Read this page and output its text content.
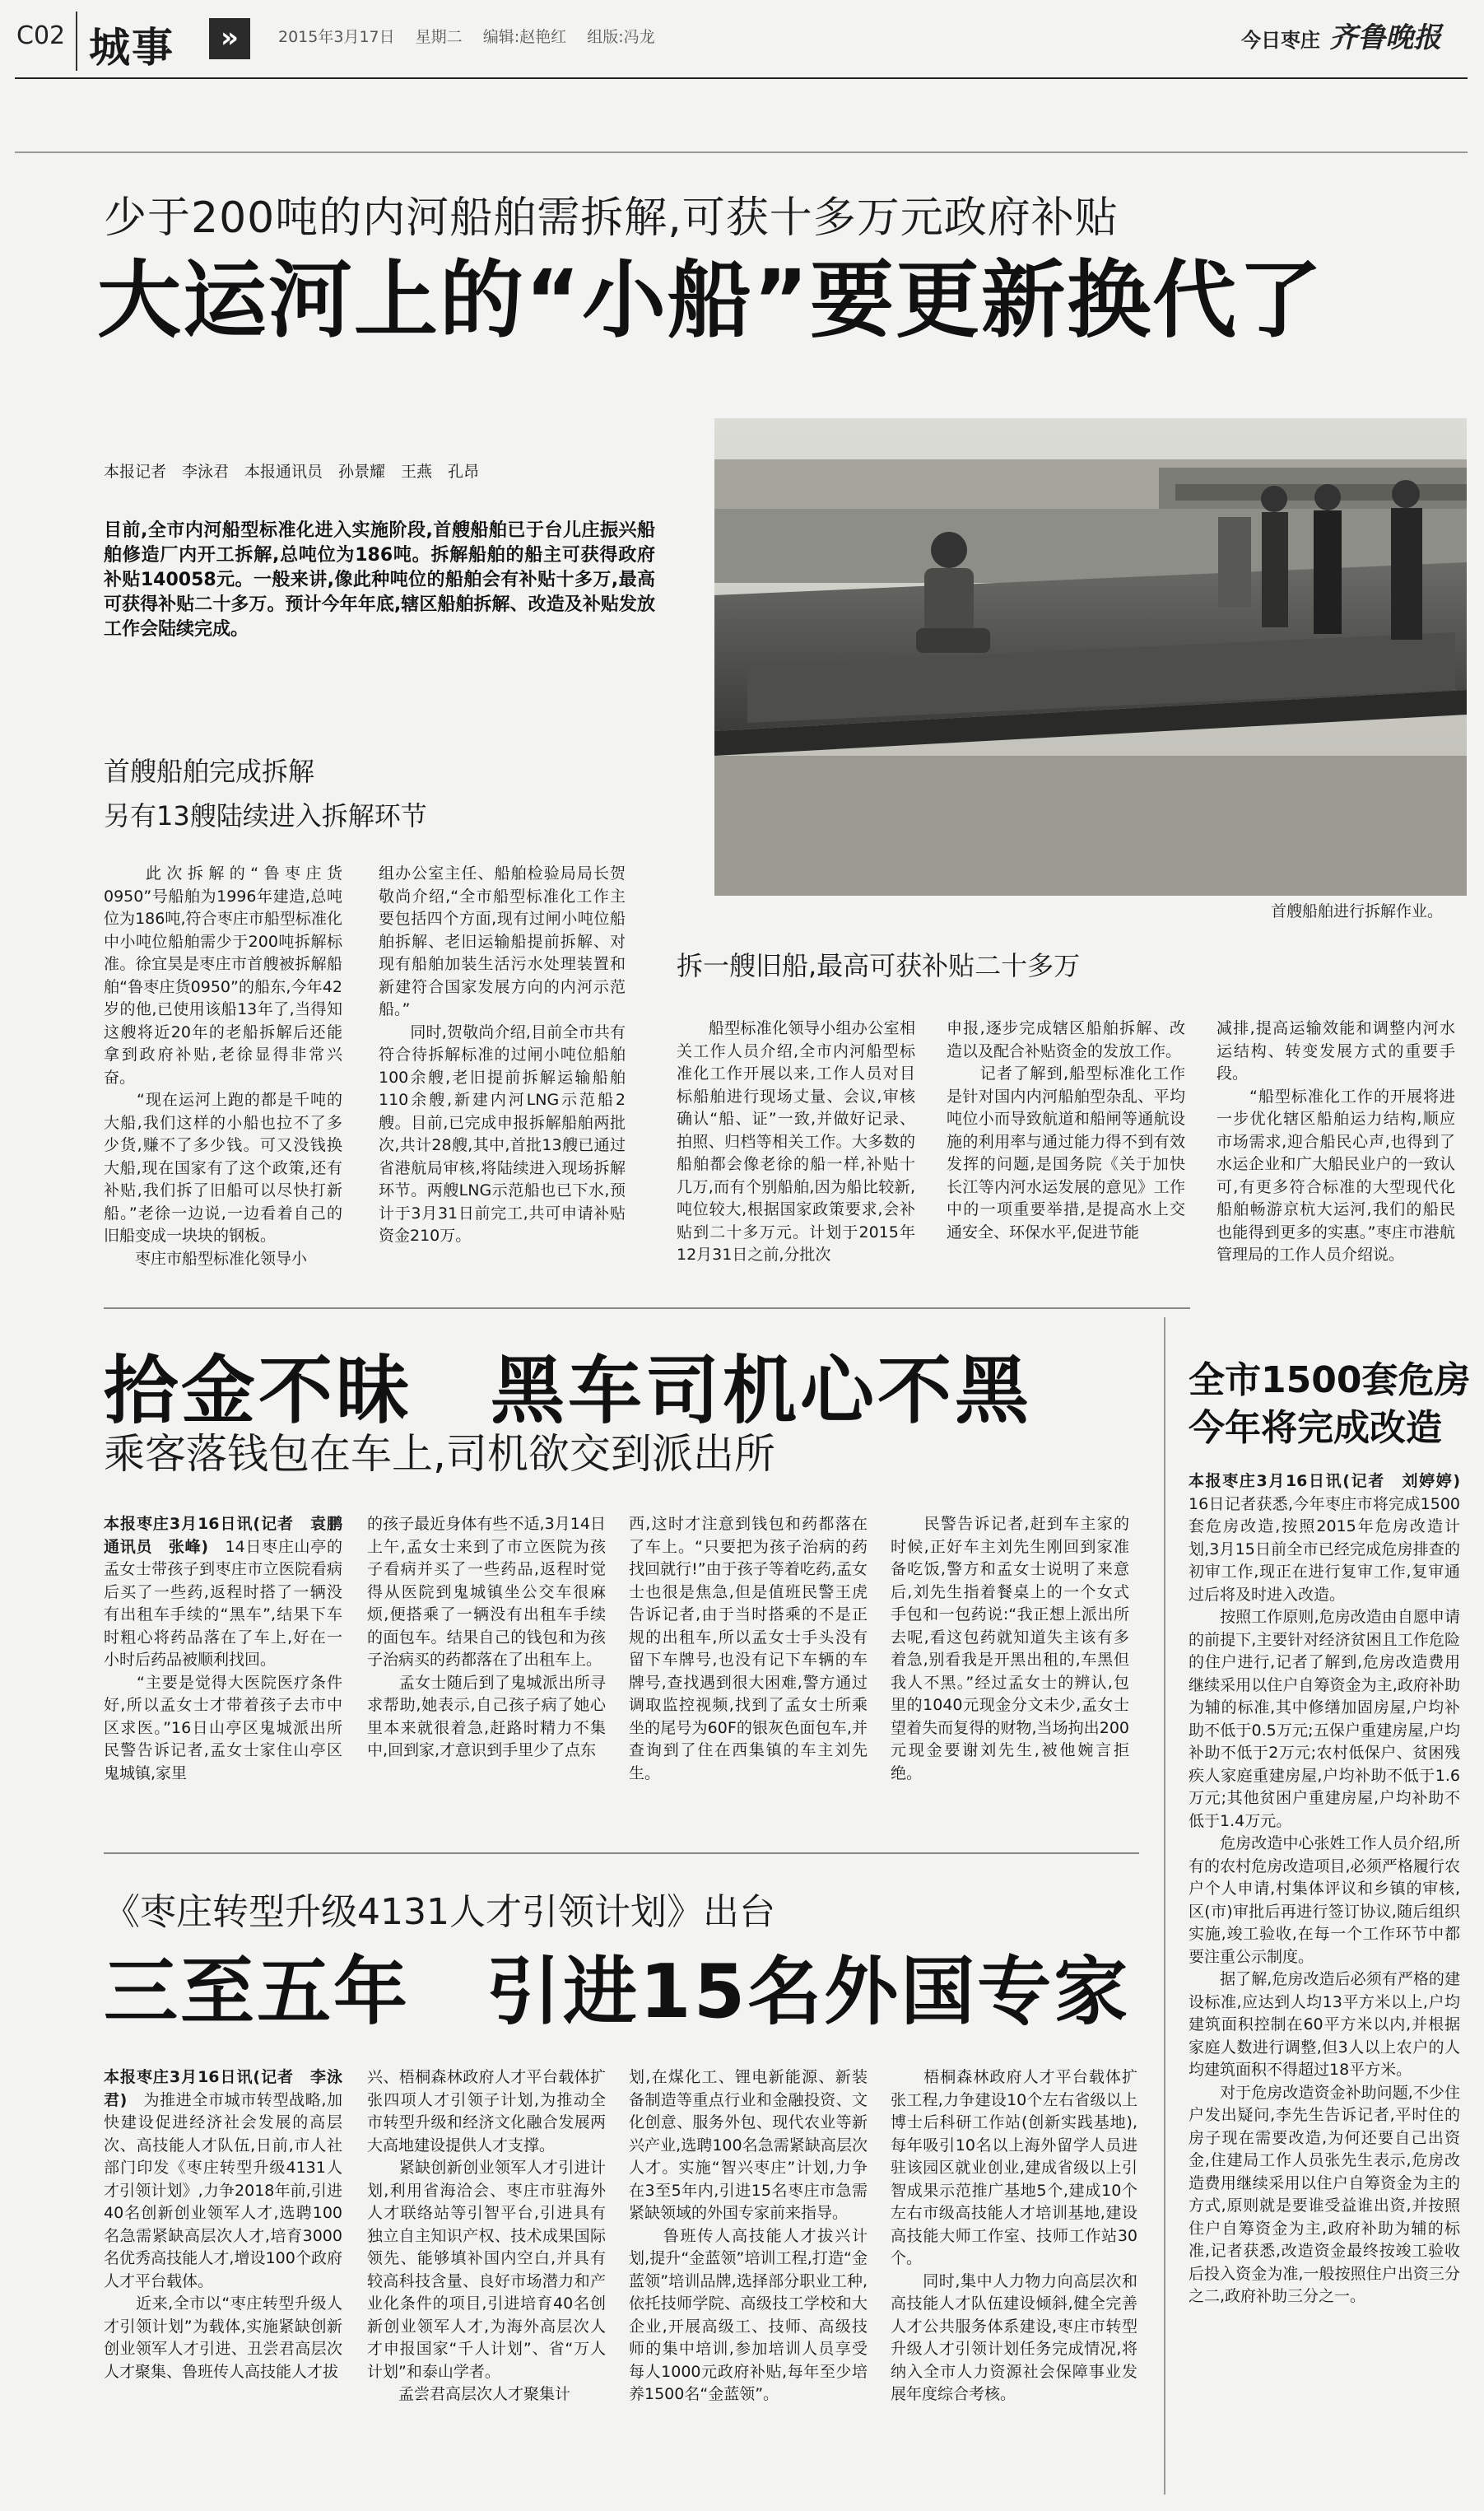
C02 城事	»	2015年3月17日　 星期二　 编辑:赵艳红　 组版:冯龙	今日枣庄 齐鲁晚报
少于200吨的内河船舶需拆解,可获十多万元政府补贴
大运河上的“小船”要更新换代了
本报记者　李泳君　本报通讯员　孙景耀　王燕　孔昂
目前,全市内河船型标准化进入实施阶段,首艘船舶已于台儿庄振兴船舶修造厂内开工拆解,总吨位为186吨。拆解船舶的船主可获得政府补贴140058元。一般来讲,像此种吨位的船舶会有补贴十多万,最高可获得补贴二十多万。预计今年年底,辖区船舶拆解、改造及补贴发放工作会陆续完成。
首艘船舶进行拆解作业。
首艘船舶完成拆解
另有13艘陆续进入拆解环节
　　此次拆解的“鲁枣庄货0950”号船舶为1996年建造,总吨位为186吨,符合枣庄市船型标准化中小吨位船舶需少于200吨拆解标准。徐宜昊是枣庄市首艘被拆解船舶“鲁枣庄货0950”的船东,今年42岁的他,已使用该船13年了,当得知这艘将近20年的老船拆解后还能拿到政府补贴,老徐显得非常兴奋。
　　“现在运河上跑的都是千吨的大船,我们这样的小船也拉不了多少货,赚不了多少钱。可又没钱换大船,现在国家有了这个政策,还有补贴,我们拆了旧船可以尽快打新船。”老徐一边说,一边看着自己的旧船变成一块块的钢板。
　　枣庄市船型标准化领导小
组办公室主任、船舶检验局局长贺敬尚介绍,“全市船型标准化工作主要包括四个方面,现有过闸小吨位船舶拆解、老旧运输船提前拆解、对现有船舶加装生活污水处理装置和新建符合国家发展方向的内河示范船。”
　　同时,贺敬尚介绍,目前全市共有符合待拆解标准的过闸小吨位船舶100余艘,老旧提前拆解运输船舶110余艘,新建内河LNG示范船2艘。目前,已完成申报拆解船舶两批次,共计28艘,其中,首批13艘已通过省港航局审核,将陆续进入现场拆解环节。两艘LNG示范船也已下水,预计于3月31日前完工,共可申请补贴资金210万。
拆一艘旧船,最高可获补贴二十多万
　　船型标准化领导小组办公室相关工作人员介绍,全市内河船型标准化工作开展以来,工作人员对目标船舶进行现场丈量、会议,审核确认“船、证”一致,并做好记录、拍照、归档等相关工作。大多数的船舶都会像老徐的船一样,补贴十几万,而有个别船舶,因为船比较新,吨位较大,根据国家政策要求,会补贴到二十多万元。计划于2015年12月31日之前,分批次
申报,逐步完成辖区船舶拆解、改造以及配合补贴资金的发放工作。
　　记者了解到,船型标准化工作是针对国内内河船舶型杂乱、平均吨位小而导致航道和船闸等通航设施的利用率与通过能力得不到有效发挥的问题,是国务院《关于加快长江等内河水运发展的意见》工作中的一项重要举措,是提高水上交通安全、环保水平,促进节能
减排,提高运输效能和调整内河水运结构、转变发展方式的重要手段。
　　“船型标准化工作的开展将进一步优化辖区船舶运力结构,顺应市场需求,迎合船民心声,也得到了水运企业和广大船民业户的一致认可,有更多符合标准的大型现代化船舶畅游京杭大运河,我们的船民也能得到更多的实惠。”枣庄市港航管理局的工作人员介绍说。
拾金不昧　黑车司机心不黑
乘客落钱包在车上,司机欲交到派出所
本报枣庄3月16日讯(记者　袁鹏　通讯员　张峰)　14日枣庄山亭的孟女士带孩子到枣庄市立医院看病后买了一些药,返程时搭了一辆没有出租车手续的“黑车”,结果下车时粗心将药品落在了车上,好在一小时后药品被顺利找回。
　　“主要是觉得大医院医疗条件好,所以孟女士才带着孩子去市中区求医。”16日山亭区鬼城派出所民警告诉记者,孟女士家住山亭区鬼城镇,家里
的孩子最近身体有些不适,3月14日上午,孟女士来到了市立医院为孩子看病并买了一些药品,返程时觉得从医院到鬼城镇坐公交车很麻烦,便搭乘了一辆没有出租车手续的面包车。结果自己的钱包和为孩子治病买的药都落在了出租车上。
　　孟女士随后到了鬼城派出所寻求帮助,她表示,自己孩子病了她心里本来就很着急,赶路时精力不集中,回到家,才意识到手里少了点东
西,这时才注意到钱包和药都落在了车上。“只要把为孩子治病的药找回就行!”由于孩子等着吃药,孟女士也很是焦急,但是值班民警王虎告诉记者,由于当时搭乘的不是正规的出租车,所以孟女士手头没有留下车牌号,也没有记下车辆的车牌号,查找遇到很大困难,警方通过调取监控视频,找到了孟女士所乘坐的尾号为60F的银灰色面包车,并查询到了住在西集镇的车主刘先生。
　　民警告诉记者,赶到车主家的时候,正好车主刘先生刚回到家准备吃饭,警方和孟女士说明了来意后,刘先生指着餐桌上的一个女式手包和一包药说:“我正想上派出所去呢,看这包药就知道失主该有多着急,别看我是开黑出租的,车黑但我人不黑。”经过孟女士的辨认,包里的1040元现金分文未少,孟女士望着失而复得的财物,当场拘出200元现金要谢刘先生,被他婉言拒绝。
全市1500套危房
今年将完成改造
本报枣庄3月16日讯(记者　刘婷婷)　16日记者获悉,今年枣庄市将完成1500套危房改造,按照2015年危房改造计划,3月15日前全市已经完成危房排查的初审工作,现正在进行复审工作,复审通过后将及时进入改造。
　　按照工作原则,危房改造由自愿申请的前提下,主要针对经济贫困且工作危险的住户进行,记者了解到,危房改造费用继续采用以住户自筹资金为主,政府补助为辅的标准,其中修缮加固房屋,户均补助不低于0.5万元;五保户重建房屋,户均补助不低于2万元;农村低保户、贫困残疾人家庭重建房屋,户均补助不低于1.6万元;其他贫困户重建房屋,户均补助不低于1.4万元。
　　危房改造中心张姓工作人员介绍,所有的农村危房改造项目,必须严格履行农户个人申请,村集体评议和乡镇的审核,区(市)审批后再进行签订协议,随后组织实施,竣工验收,在每一个工作环节中都要注重公示制度。
　　据了解,危房改造后必须有严格的建设标准,应达到人均13平方米以上,户均建筑面积控制在60平方米以内,并根据家庭人数进行调整,但3人以上农户的人均建筑面积不得超过18平方米。
　　对于危房改造资金补助问题,不少住户发出疑问,李先生告诉记者,平时住的房子现在需要改造,为何还要自己出资金,住建局工作人员张先生表示,危房改造费用继续采用以住户自筹资金为主的方式,原则就是要谁受益谁出资,并按照住户自筹资金为主,政府补助为辅的标准,记者获悉,改造资金最终按竣工验收后投入资金为准,一般按照住户出资三分之二,政府补助三分之一。
《枣庄转型升级4131人才引领计划》出台
三至五年　引进15名外国专家
本报枣庄3月16日讯(记者　李泳君)　为推进全市城市转型战略,加快建设促进经济社会发展的高层次、高技能人才队伍,日前,市人社部门印发《枣庄转型升级4131人才引领计划》,力争2018年前,引进40名创新创业领军人才,选聘100名急需紧缺高层次人才,培育3000名优秀高技能人才,增设100个政府人才平台载体。
　　近来,全市以“枣庄转型升级人才引领计划”为载体,实施紧缺创新创业领军人才引进、丑尝君高层次人才聚集、鲁班传人高技能人才拔
兴、梧桐森林政府人才平台载体扩张四项人才引领子计划,为推动全市转型升级和经济文化融合发展两大高地建设提供人才支撑。
　　紧缺创新创业领军人才引进计划,利用省海洽会、枣庄市驻海外人才联络站等引智平台,引进具有独立自主知识产权、技术成果国际领先、能够填补国内空白,并具有较高科技含量、良好市场潜力和产业化条件的项目,引进培育40名创新创业领军人才,为海外高层次人才申报国家“千人计划”、省“万人计划”和泰山学者。
　　孟尝君高层次人才聚集计
划,在煤化工、锂电新能源、新装备制造等重点行业和金融投资、文化创意、服务外包、现代农业等新兴产业,选聘100名急需紧缺高层次人才。实施“智兴枣庄”计划,力争在3至5年内,引进15名枣庄市急需紧缺领域的外国专家前来指导。
　　鲁班传人高技能人才拔兴计划,提升“金蓝领”培训工程,打造“金蓝领”培训品牌,选择部分职业工种,依托技师学院、高级技工学校和大企业,开展高级工、技师、高级技师的集中培训,参加培训人员享受每人1000元政府补贴,每年至少培养1500名“金蓝领”。
　　梧桐森林政府人才平台载体扩张工程,力争建设10个左右省级以上博士后科研工作站(创新实践基地),每年吸引10名以上海外留学人员进驻该园区就业创业,建成省级以上引智成果示范推广基地5个,建成10个左右市级高技能人才培训基地,建设高技能大师工作室、技师工作站30个。
　　同时,集中人力物力向高层次和高技能人才队伍建设倾斜,健全完善人才公共服务体系建设,枣庄市转型升级人才引领计划任务完成情况,将纳入全市人力资源社会保障事业发展年度综合考核。
